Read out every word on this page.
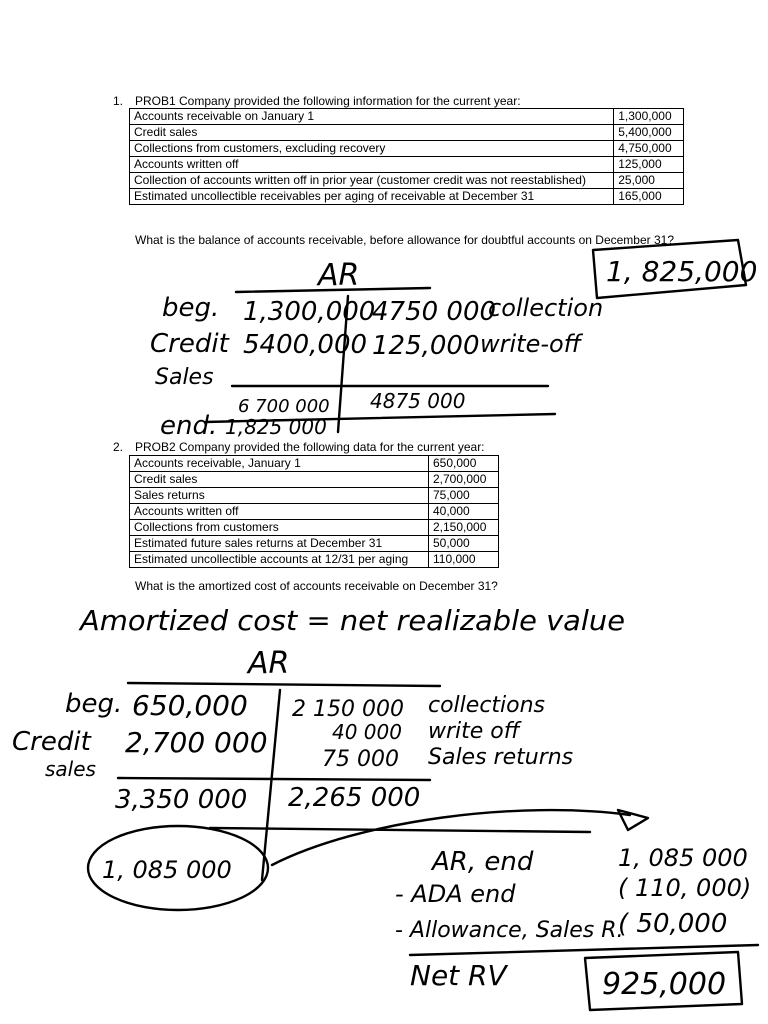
1. PROB1 Company provided the following information for the current year:
Accounts receivable on January 1	1,300,000
Credit sales	5,400,000
Collections from customers, excluding recovery	4,750,000
Accounts written off	125,000
Collection of accounts written off in prior year (customer credit was not reestablished)	25,000
Estimated uncollectible receivables per aging of receivable at December 31	165,000
What is the balance of accounts receivable, before allowance for doubtful accounts on December 31?
2. PROB2 Company provided the following data for the current year:
Accounts receivable, January 1	650,000
Credit sales	2,700,000
Sales returns	75,000
Accounts written off	40,000
Collections from customers	2,150,000
Estimated future sales returns at December 31	50,000
Estimated uncollectible accounts at 12/31 per aging	110,000
What is the amortized cost of accounts receivable on December 31?
1, 825,000
AR
beg.
Credit
Sales
1,300,000
5400,000
4750 000
collection
125,000 write-off
6 700 000 4875 000
end. 1,825 000
Amortized cost = net realizable value
AR
beg.
Credit
sales
650,000
2,700 000
2 150 000
40 000
75 000
collections
write off
Sales returns
3,350 000 2,265 000
1, 085 000	AR, end
- ADA end
- Allowance, Sales R.
Net RV
1, 085 000
( 110, 000)
( 50,000
925,000
